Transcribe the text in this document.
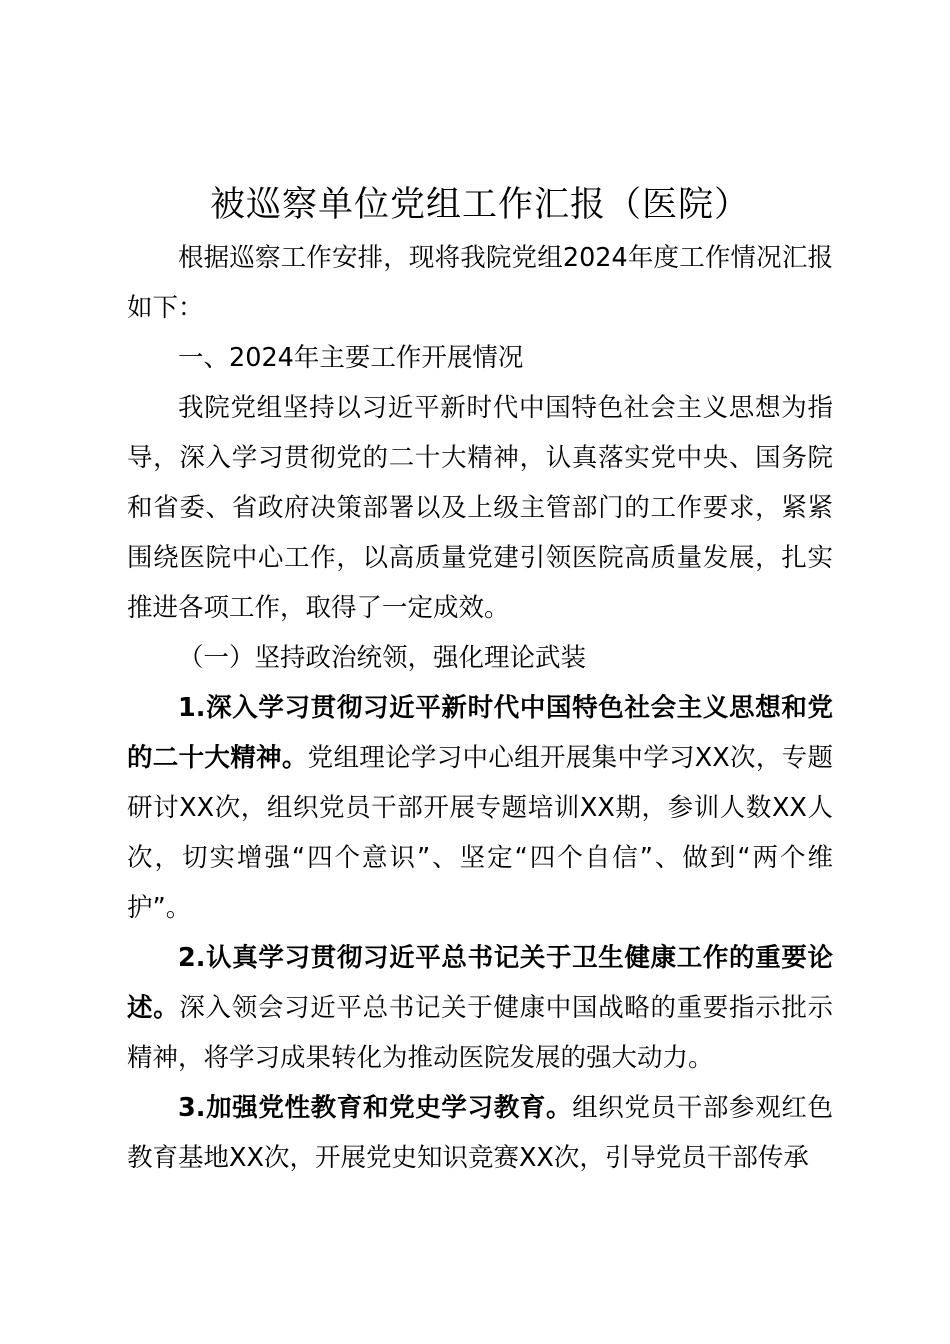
被巡察单位党组工作汇报（医院）

根据巡察工作安排，现将我院党组2024年度工作情况汇报如下：

一、2024年主要工作开展情况

我院党组坚持以习近平新时代中国特色社会主义思想为指导，深入学习贯彻党的二十大精神，认真落实党中央、国务院和省委、省政府决策部署以及上级主管部门的工作要求，紧紧围绕医院中心工作，以高质量党建引领医院高质量发展，扎实推进各项工作，取得了一定成效。

（一）坚持政治统领，强化理论武装

1.深入学习贯彻习近平新时代中国特色社会主义思想和党的二十大精神。党组理论学习中心组开展集中学习XX次，专题研讨XX次，组织党员干部开展专题培训XX期，参训人数XX人次，切实增强“四个意识”、坚定“四个自信”、做到“两个维护”。

2.认真学习贯彻习近平总书记关于卫生健康工作的重要论述。深入领会习近平总书记关于健康中国战略的重要指示批示精神，将学习成果转化为推动医院发展的强大动力。

3.加强党性教育和党史学习教育。组织党员干部参观红色教育基地XX次，开展党史知识竞赛XX次，引导党员干部传承
